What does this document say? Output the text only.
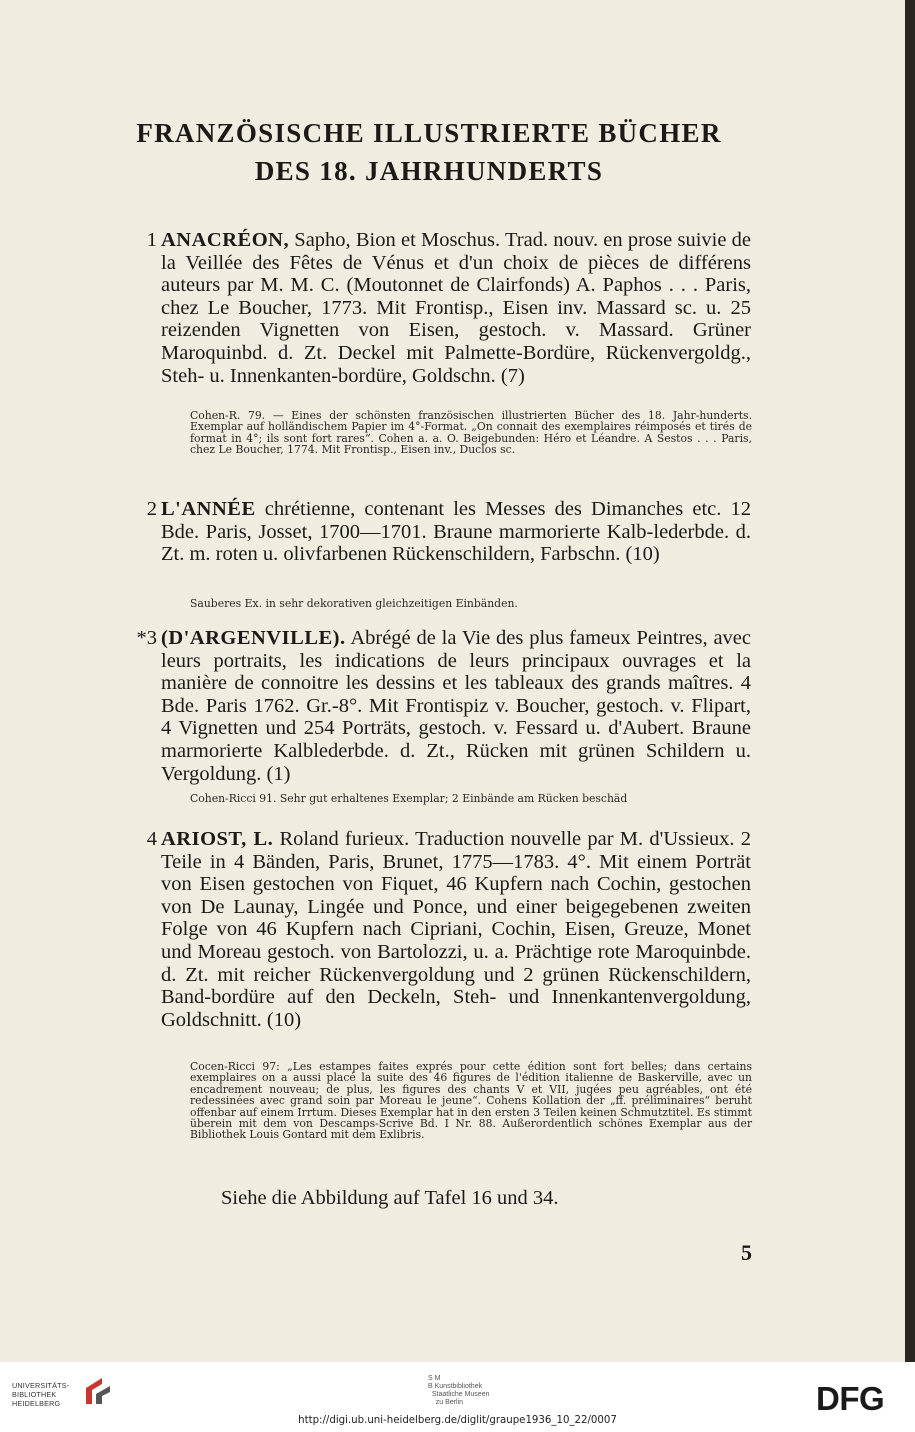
FRANZÖSISCHE ILLUSTRIERTE BÜCHER
DES 18. JAHRHUNDERTS
1 ANACRÉON, Sapho, Bion et Moschus. Trad. nouv. en prose suivie de la Veillée des Fêtes de Vénus et d'un choix de pièces de différens auteurs par M. M. C. (Moutonnet de Clairfonds) A. Paphos . . . Paris, chez Le Boucher, 1773. Mit Frontisp., Eisen inv. Massard sc. u. 25 reizenden Vignetten von Eisen, gestoch. v. Massard. Grüner Maroquinbd. d. Zt. Deckel mit Palmette-Bordüre, Rückenvergoldg., Steh- u. Innenkanten-bordüre, Goldschn. (7)
Cohen-R. 79. — Eines der schönsten französischen illustrierten Bücher des 18. Jahr-hunderts. Exemplar auf holländischem Papier im 4°-Format. „On connait des exemplaires réimposés et tirés de format in 4°; ils sont fort rares“. Cohen a. a. O. Beigebunden: Héro et Léandre. A Sestos . . . Paris, chez Le Boucher, 1774. Mit Frontisp., Eisen inv., Duclos sc.
2 L'ANNÉE chrétienne, contenant les Messes des Dimanches etc. 12 Bde. Paris, Josset, 1700—1701. Braune marmorierte Kalb-lederbde. d. Zt. m. roten u. olivfarbenen Rückenschildern, Farbschn. (10)
Sauberes Ex. in sehr dekorativen gleichzeitigen Einbänden.
*3 (D'ARGENVILLE). Abrégé de la Vie des plus fameux Peintres, avec leurs portraits, les indications de leurs principaux ouvrages et la manière de connoitre les dessins et les tableaux des grands maîtres. 4 Bde. Paris 1762. Gr.-8°. Mit Frontispiz v. Boucher, gestoch. v. Flipart, 4 Vignetten und 254 Porträts, gestoch. v. Fessard u. d'Aubert. Braune marmorierte Kalblederbde. d. Zt., Rücken mit grünen Schildern u. Vergoldung. (1)
Cohen-Ricci 91. Sehr gut erhaltenes Exemplar; 2 Einbände am Rücken beschäd
4 ARIOST, L. Roland furieux. Traduction nouvelle par M. d'Ussieux. 2 Teile in 4 Bänden, Paris, Brunet, 1775—1783. 4°. Mit einem Porträt von Eisen gestochen von Fiquet, 46 Kupfern nach Cochin, gestochen von De Launay, Lingée und Ponce, und einer beigegebenen zweiten Folge von 46 Kupfern nach Cipriani, Cochin, Eisen, Greuze, Monet und Moreau gestoch. von Bartolozzi, u. a. Prächtige rote Maroquinbde. d. Zt. mit reicher Rückenvergoldung und 2 grünen Rückenschildern, Band-bordüre auf den Deckeln, Steh- und Innenkantenvergoldung, Goldschnitt. (10)
Cocen-Ricci 97: „Les estampes faites exprés pour cette édition sont fort belles; dans certains exemplaires on a aussi placé la suite des 46 figures de l'édition italienne de Baskerville, avec un encadrement nouveau; de plus, les figures des chants V et VII, jugées peu agréables, ont été redessinées avec grand soin par Moreau le jeune“. Cohens Kollation der „ff. préliminaires“ beruht offenbar auf einem Irrtum. Dieses Exemplar hat in den ersten 3 Teilen keinen Schmutztitel. Es stimmt überein mit dem von Descamps-Scrive Bd. I Nr. 88. Außerordentlich schönes Exemplar aus der Bibliothek Louis Gontard mit dem Exlibris.
Siehe die Abbildung auf Tafel 16 und 34.
5
UNIVERSITÄTS-
BIBLIOTHEK
HEIDELBERG
S M
B Kunstbibliothek
Staatliche Museen
zu Berlin	DFG
http://digi.ub.uni-heidelberg.de/diglit/graupe1936_10_22/0007
